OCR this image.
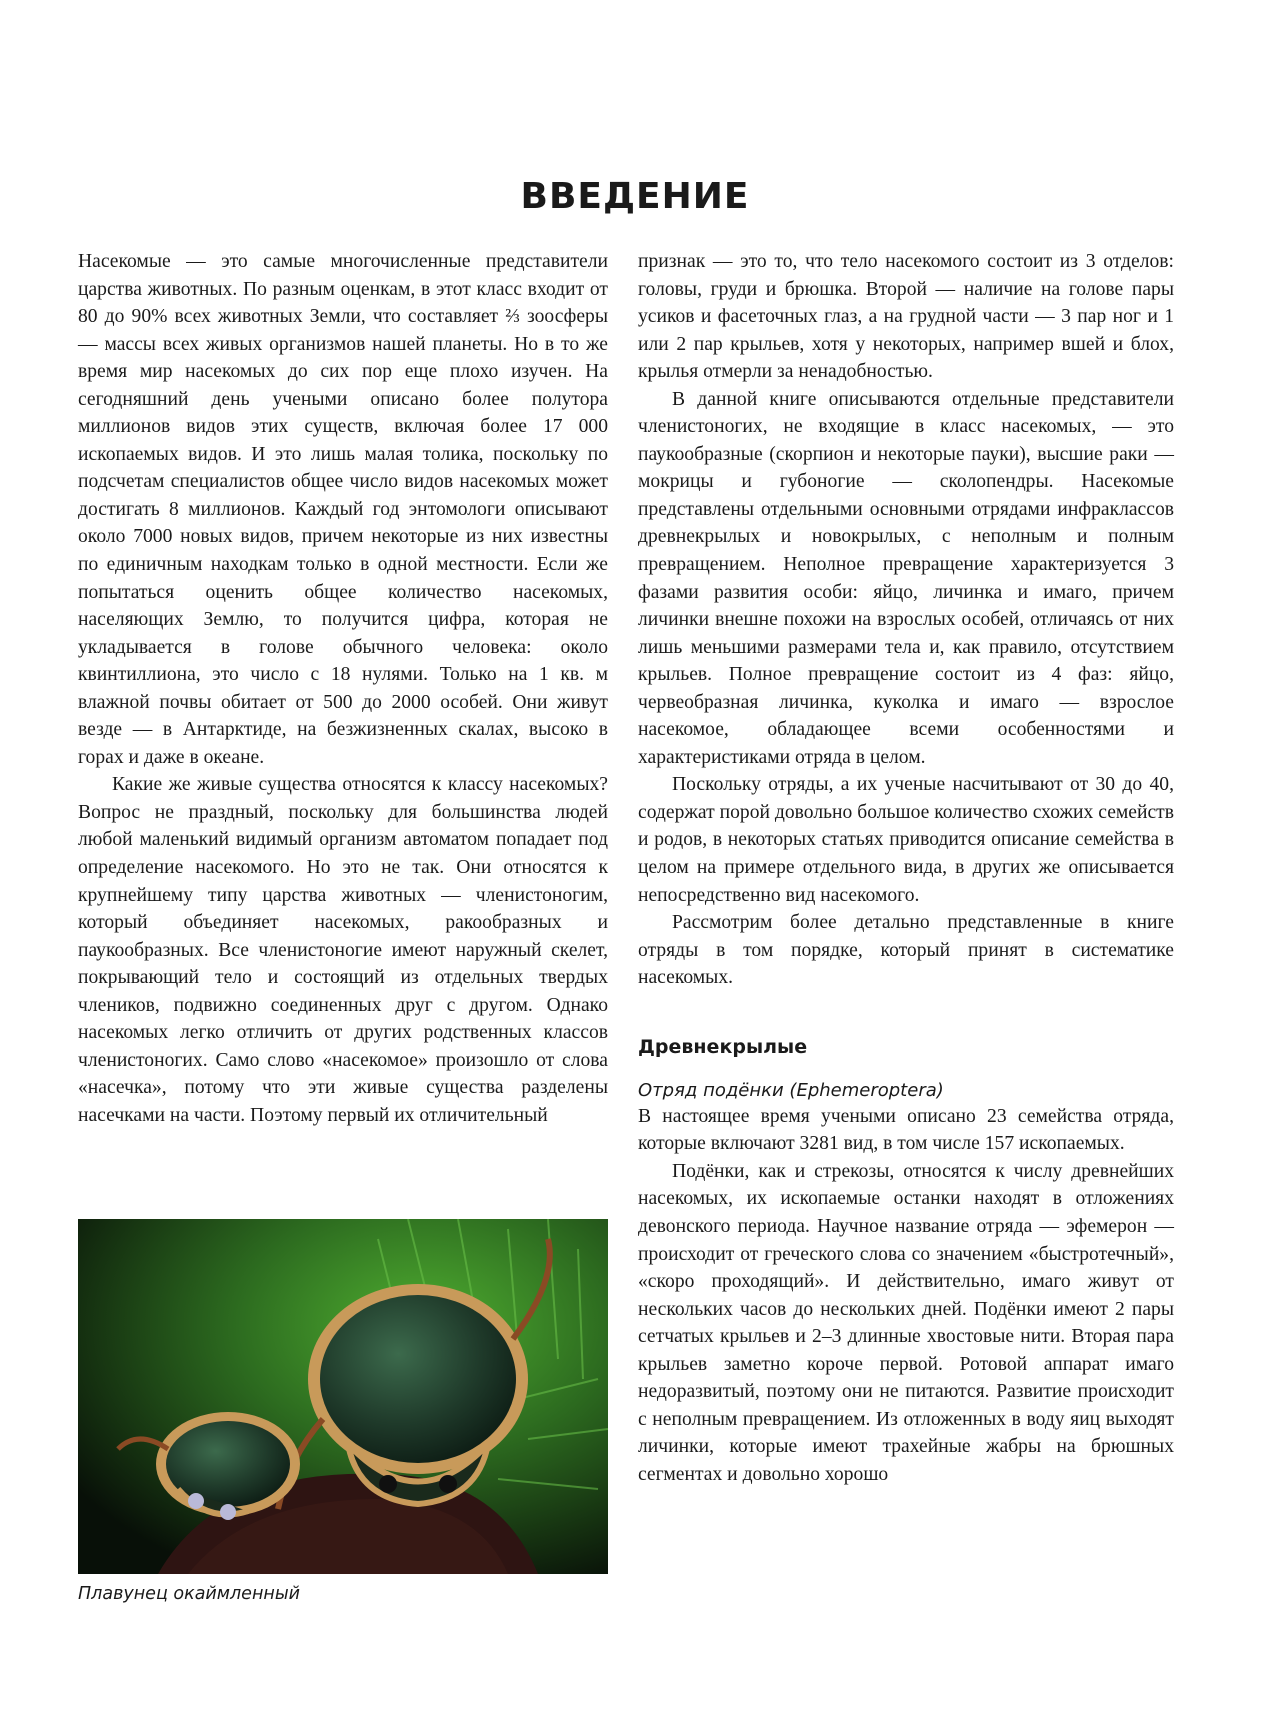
ВВЕДЕНИЕ

Насекомые — это самые многочисленные представители царства животных. По разным оценкам, в этот класс входит от 80 до 90% всех животных Земли, что составляет ⅔ зоосферы — массы всех живых организмов нашей планеты. Но в то же время мир насекомых до сих пор еще плохо изучен. На сегодняшний день учеными описано более полутора миллионов видов этих существ, включая более 17 000 ископаемых видов. И это лишь малая толика, поскольку по подсчетам специалистов общее число видов насекомых может достигать 8 миллионов. Каждый год энтомологи описывают около 7000 новых видов, причем некоторые из них известны по единичным находкам только в одной местности. Если же попытаться оценить общее количество насекомых, населяющих Землю, то получится цифра, которая не укладывается в голове обычного человека: около квинтиллиона, это число с 18 нулями. Только на 1 кв. м влажной почвы обитает от 500 до 2000 особей. Они живут везде — в Антарктиде, на безжизненных скалах, высоко в горах и даже в океане.

Какие же живые существа относятся к классу насекомых? Вопрос не праздный, поскольку для большинства людей любой маленький видимый организм автоматом попадает под определение насекомого. Но это не так. Они относятся к крупнейшему типу царства животных — членистоногим, который объединяет насекомых, ракообразных и паукообразных. Все членистоногие имеют наружный скелет, покрывающий тело и состоящий из отдельных твердых члеников, подвижно соединенных друг с другом. Однако насекомых легко отличить от других родственных классов членистоногих. Само слово «насекомое» произошло от слова «насечка», потому что эти живые существа разделены насечками на части. Поэтому первый их отличительный

признак — это то, что тело насекомого состоит из 3 отделов: головы, груди и брюшка. Второй — наличие на голове пары усиков и фасеточных глаз, а на грудной части — 3 пар ног и 1 или 2 пар крыльев, хотя у некоторых, например вшей и блох, крылья отмерли за ненадобностью.

В данной книге описываются отдельные представители членистоногих, не входящие в класс насекомых, — это паукообразные (скорпион и некоторые пауки), высшие раки — мокрицы и губоногие — сколопендры. Насекомые представлены отдельными основными отрядами инфраклассов древнекрылых и новокрылых, с неполным и полным превращением. Неполное превращение характеризуется 3 фазами развития особи: яйцо, личинка и имаго, причем личинки внешне похожи на взрослых особей, отличаясь от них лишь меньшими размерами тела и, как правило, отсутствием крыльев. Полное превращение состоит из 4 фаз: яйцо, червеобразная личинка, куколка и имаго — взрослое насекомое, обладающее всеми особенностями и характеристиками отряда в целом.

Поскольку отряды, а их ученые насчитывают от 30 до 40, содержат порой довольно большое количество схожих семейств и родов, в некоторых статьях приводится описание семейства в целом на примере отдельного вида, в других же описывается непосредственно вид насекомого.

Рассмотрим более детально представленные в книге отряды в том порядке, который принят в систематике насекомых.

Древнекрылые
Отряд подёнки (Ephemeroptera)

В настоящее время учеными описано 23 семейства отряда, которые включают 3281 вид, в том числе 157 ископаемых.

Подёнки, как и стрекозы, относятся к числу древнейших насекомых, их ископаемые останки находят в отложениях девонского периода. Научное название отряда — эфемерон — происходит от греческого слова со значением «быстротечный», «скоро проходящий». И действительно, имаго живут от нескольких часов до нескольких дней. Подёнки имеют 2 пары сетчатых крыльев и 2–3 длинные хвостовые нити. Вторая пара крыльев заметно короче первой. Ротовой аппарат имаго недоразвитый, поэтому они не питаются. Развитие происходит с неполным превращением. Из отложенных в воду яиц выходят личинки, которые имеют трахейные жабры на брюшных сегментах и довольно хорошо

Плавунец окаймленный
